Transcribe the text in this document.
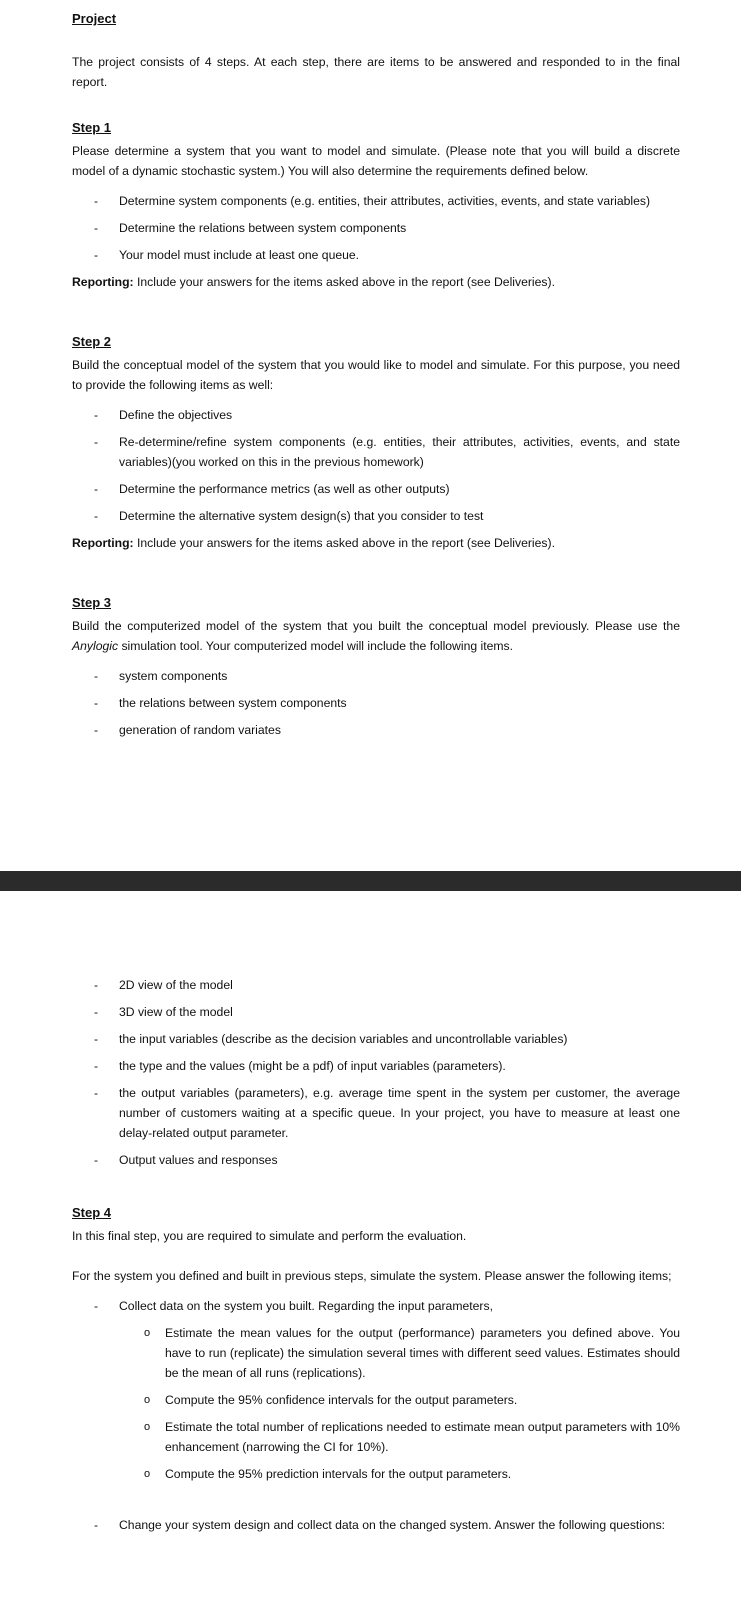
Project

The project consists of 4 steps. At each step, there are items to be answered and responded to in the final report.

Step 1

Please determine a system that you want to model and simulate. (Please note that you will build a discrete model of a dynamic stochastic system.) You will also determine the requirements defined below.

- Determine system components (e.g. entities, their attributes, activities, events, and state variables)
- Determine the relations between system components
- Your model must include at least one queue.

Reporting: Include your answers for the items asked above in the report (see Deliveries).

Step 2

Build the conceptual model of the system that you would like to model and simulate. For this purpose, you need to provide the following items as well:

- Define the objectives
- Re-determine/refine system components (e.g. entities, their attributes, activities, events, and state variables)(you worked on this in the previous homework)
- Determine the performance metrics (as well as other outputs)
- Determine the alternative system design(s) that you consider to test

Reporting: Include your answers for the items asked above in the report (see Deliveries).

Step 3

Build the computerized model of the system that you built the conceptual model previously. Please use the Anylogic simulation tool. Your computerized model will include the following items.

- system components
- the relations between system components
- generation of random variates
- 2D view of the model
- 3D view of the model
- the input variables (describe as the decision variables and uncontrollable variables)
- the type and the values (might be a pdf) of input variables (parameters).
- the output variables (parameters), e.g. average time spent in the system per customer, the average number of customers waiting at a specific queue. In your project, you have to measure at least one delay-related output parameter.
- Output values and responses
Step 4

In this final step, you are required to simulate and perform the evaluation.

For the system you defined and built in previous steps, simulate the system. Please answer the following items;

- Collect data on the system you built. Regarding the input parameters,
o Estimate the mean values for the output (performance) parameters you defined above. You have to run (replicate) the simulation several times with different seed values. Estimates should be the mean of all runs (replications).
o Compute the 95% confidence intervals for the output parameters.
o Estimate the total number of replications needed to estimate mean output parameters with 10% enhancement (narrowing the CI for 10%).
o Compute the 95% prediction intervals for the output parameters.
- Change your system design and collect data on the changed system. Answer the following questions:
